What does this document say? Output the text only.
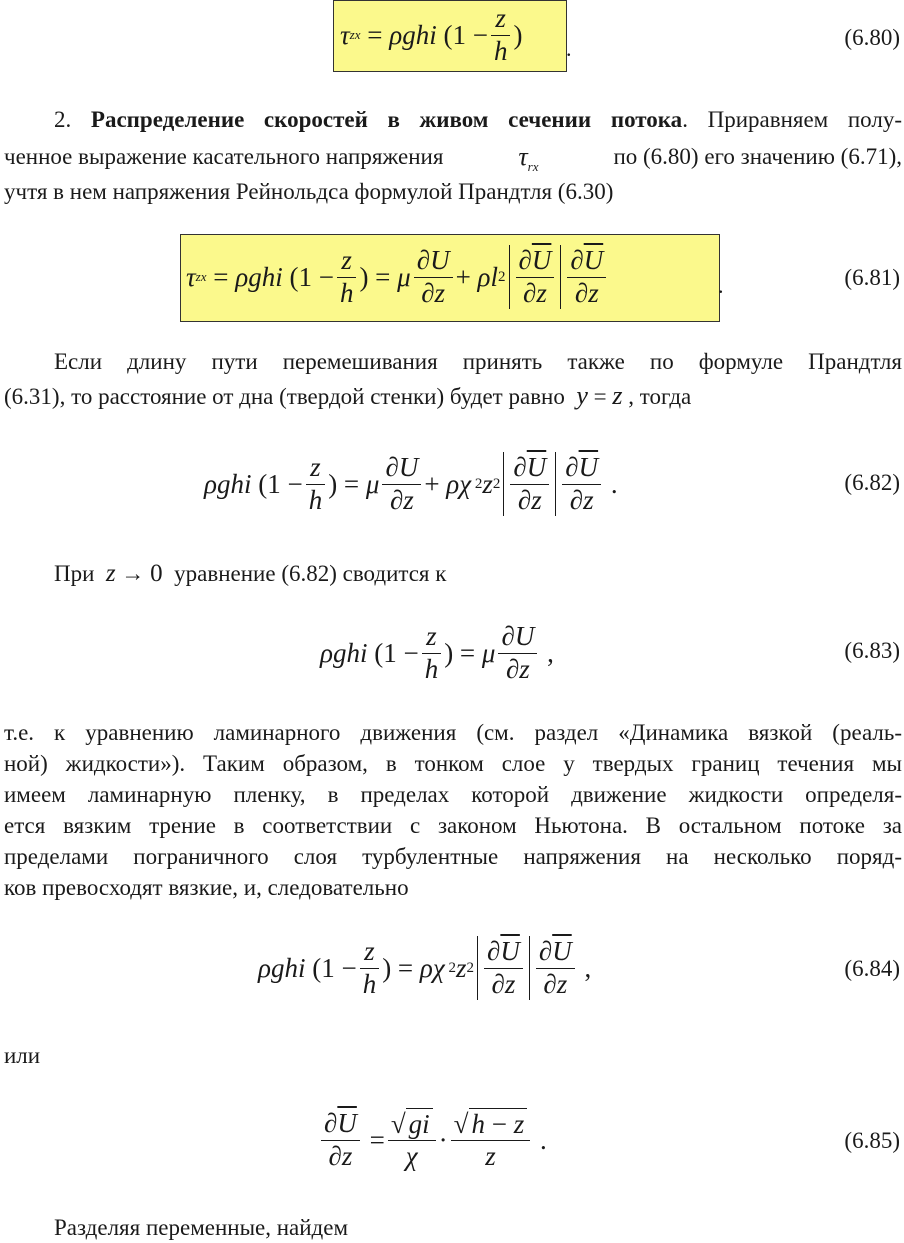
τ zx = ρghi ($1 - \frac{z}{h}$ ) .	(6.80)
2. Распределение скоростей в живом сечении потока. Приравняем полу-
ченное выражение касательного напряжения	$\tau_{rx}$	по (6.80) его значению (6.71),
учтя в нем напряжения Рейнольдса формулой Прандтля (6.30)
τ zx = ρghi ($1 - \frac{z}{h}$ ) = μ $\frac{\partial U}{\partial z} + \rho l$ $2 \frac{\partial\overline{U}}{\partial z} \frac{\partial\overline{U}}{\partial z}$	.	(6.81)
Если длину пути перемешивания принять также по формуле Прандтля
(6.31), то расстояние от дна (твердой стенки) будет равно y = z , тогда
ρghi ($1 - \frac{z}{h}$ ) = μ $\frac{\partial U}{\partial z} + \rho\chi$ 2 z $2 \frac{\partial\overline{U}}{\partial z} \frac{\partial\overline{U}}{\partial z}$ .	(6.82)
При z → 0 уравнение (6.82) сводится к
ρghi ($1 - \frac{z}{h}$ ) = μ $\frac{\partial U}{\partial z}$ ,	(6.83)
т.е. к уравнению ламинарного движения (см. раздел «Динамика вязкой (реаль-
ной) жидкости»). Таким образом, в тонком слое у твердых границ течения мы
имеем ламинарную пленку, в пределах которой движение жидкости определя-
ется вязким трение в соответствии с законом Ньютона. В остальном потоке за
пределами пограничного слоя турбулентные напряжения на несколько поряд-
ков превосходят вязкие, и, следовательно
ρghi ($1 - \frac{z}{h}$ ) = ρχ 2 z $2 \frac{\partial\overline{U}}{\partial z} \frac{\partial\overline{U}}{\partial z}$ ,	(6.84)
или
$\frac{\partial\overline{U}}{\partial z} = \frac{√ gi}{\chi} \cdot \frac{√ h - z}{z}$ .	(6.85)
Разделяя переменные, найдем
